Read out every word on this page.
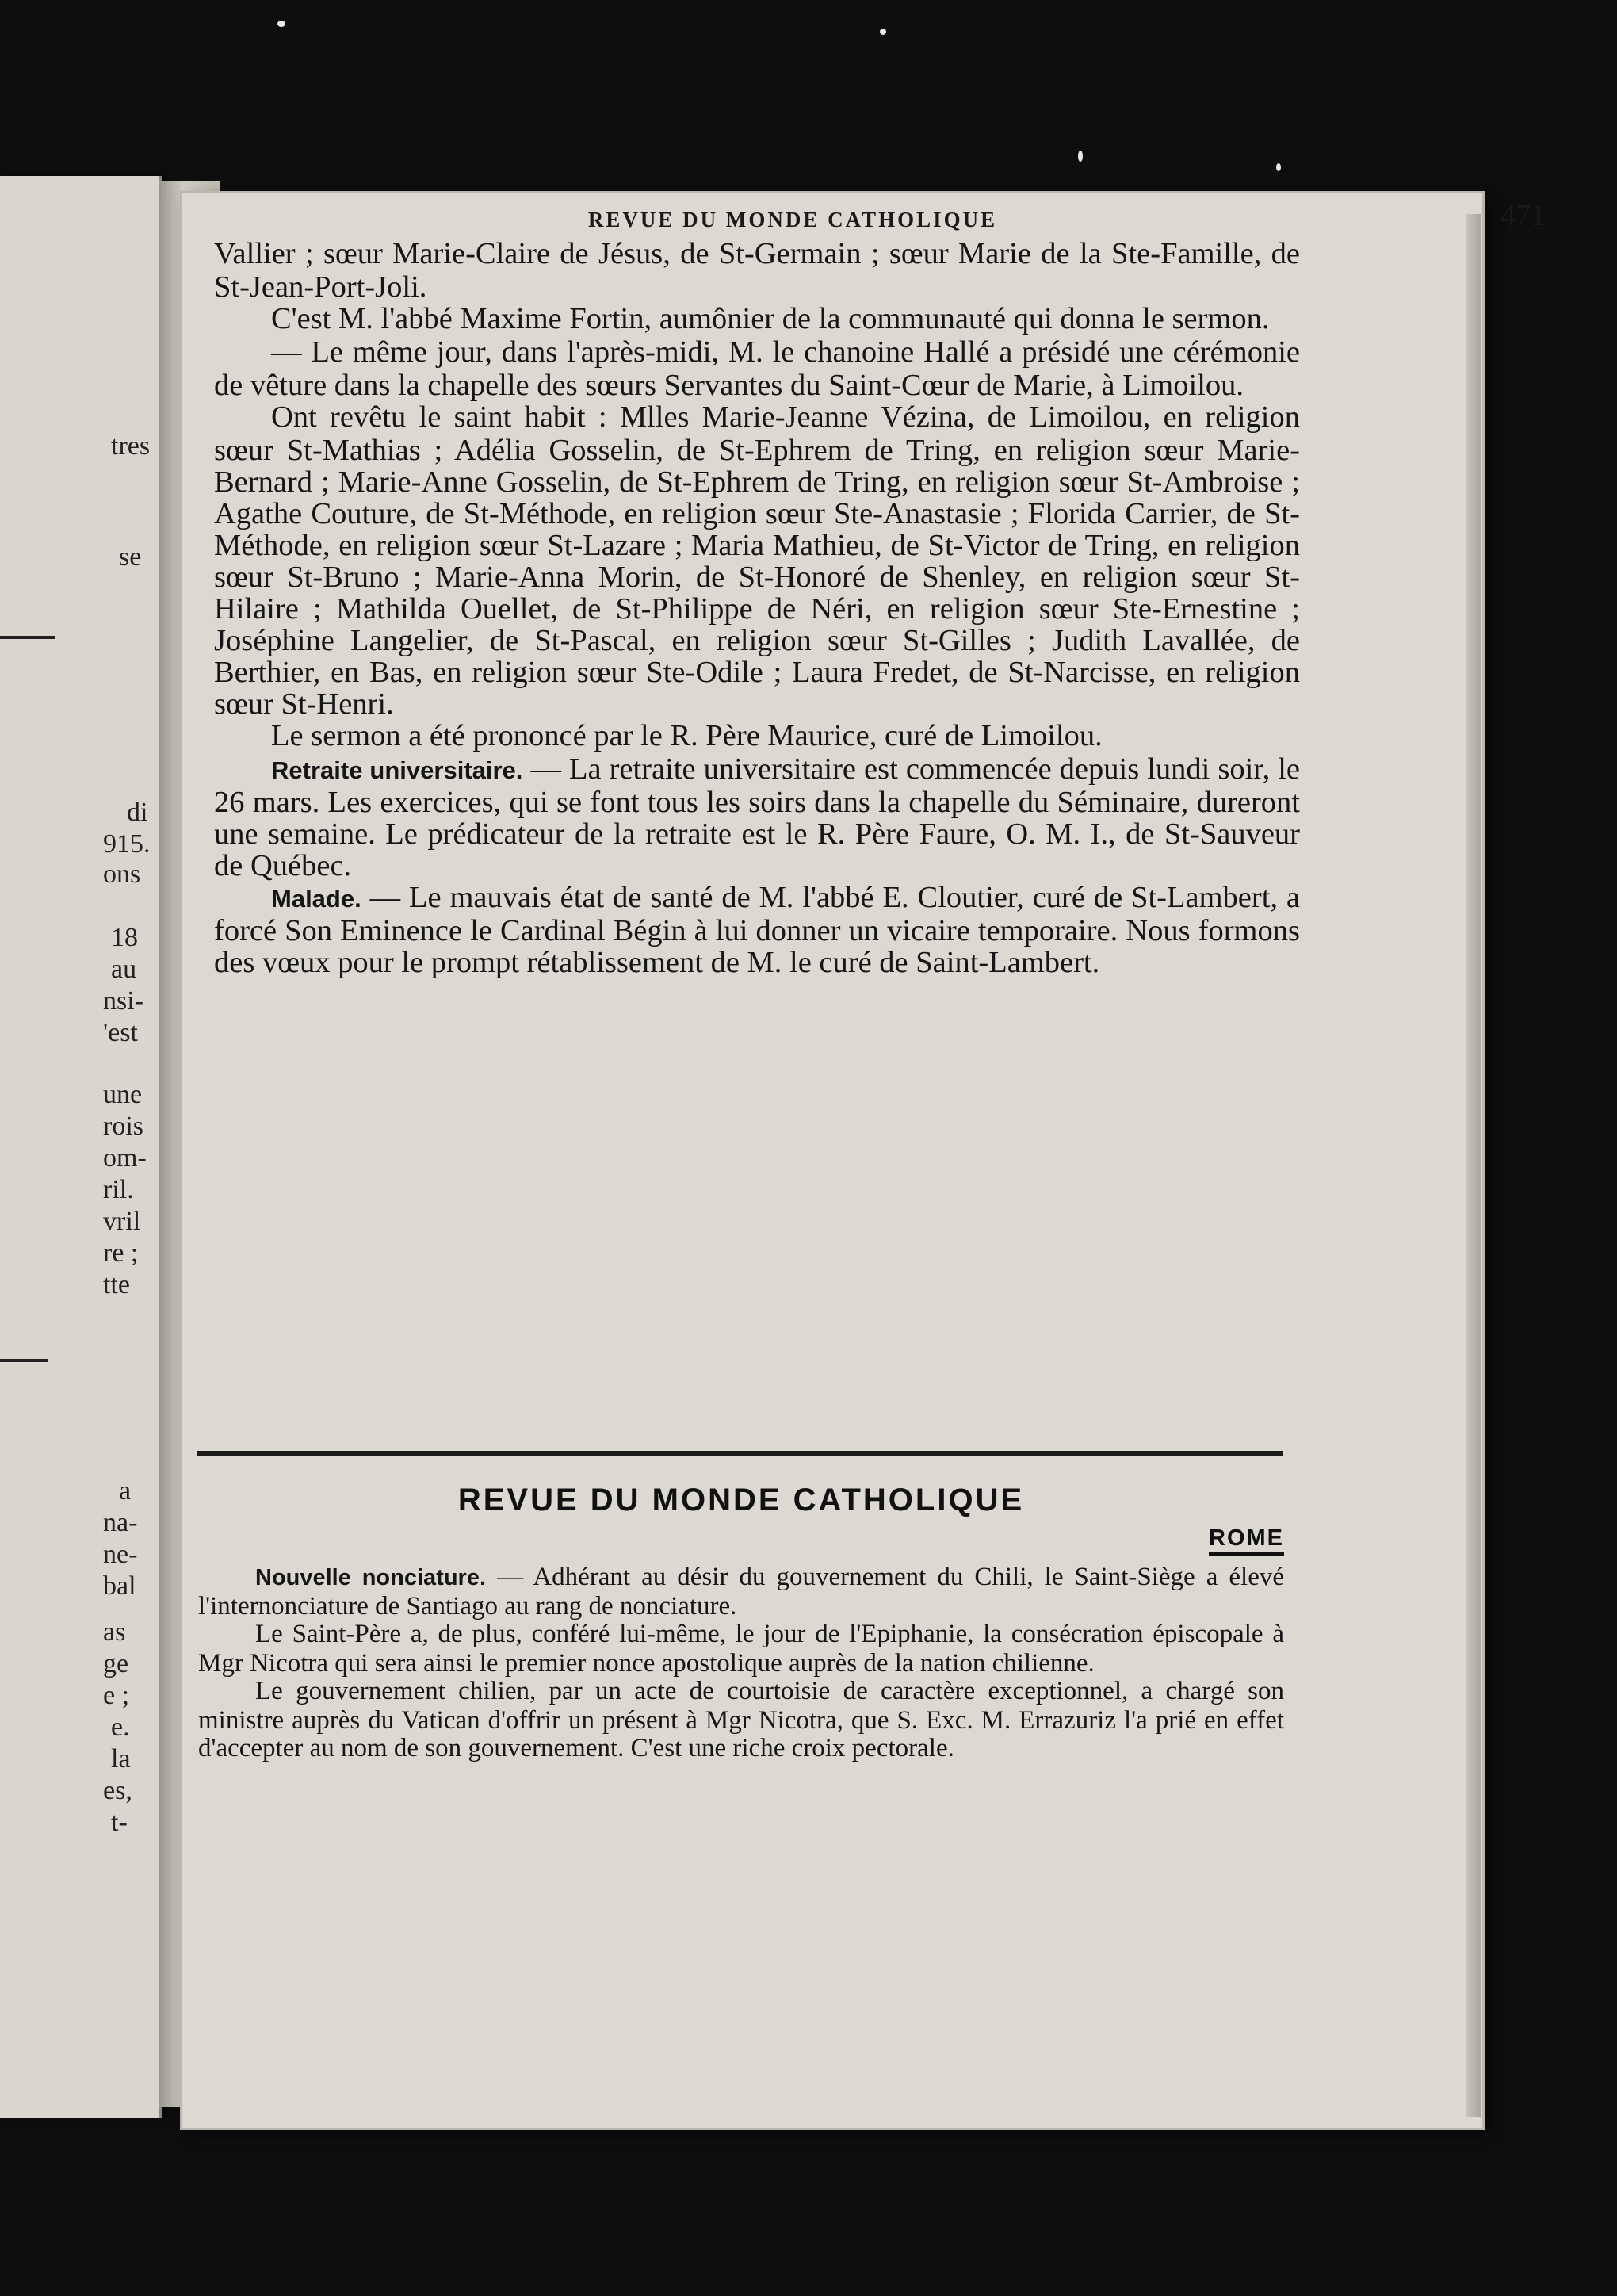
tres
se
di
915.
ons
18
au
nsi-
'est
une
rois
om-
ril.
vril
re ;
tte
a
na-
ne-
bal
as
ge
e ;
e.
la
es,
t-
REVUE DU MONDE CATHOLIQUE	471

Vallier ; sœur Marie-Claire de Jésus, de St-Germain ; sœur Marie de la Ste-Famille, de St-Jean-Port-Joli.

C'est M. l'abbé Maxime Fortin, aumônier de la communauté qui donna le sermon.

— Le même jour, dans l'après-midi, M. le chanoine Hallé a présidé une cérémonie de vêture dans la chapelle des sœurs Servantes du Saint-Cœur de Marie, à Limoilou.

Ont revêtu le saint habit : Mlles Marie-Jeanne Vézina, de Limoilou, en religion sœur St-Mathias ; Adélia Gosselin, de St-Ephrem de Tring, en religion sœur Marie-Bernard ; Marie-Anne Gosselin, de St-Ephrem de Tring, en religion sœur St-Ambroise ; Agathe Couture, de St-Méthode, en religion sœur Ste-Anastasie ; Florida Carrier, de St-Méthode, en religion sœur St-Lazare ; Maria Mathieu, de St-Victor de Tring, en religion sœur St-Bruno ; Marie-Anna Morin, de St-Honoré de Shenley, en religion sœur St-Hilaire ; Mathilda Ouellet, de St-Philippe de Néri, en religion sœur Ste-Ernestine ; Joséphine Langelier, de St-Pascal, en religion sœur St-Gilles ; Judith Lavallée, de Berthier, en Bas, en religion sœur Ste-Odile ; Laura Fredet, de St-Narcisse, en religion sœur St-Henri.

Le sermon a été prononcé par le R. Père Maurice, curé de Limoilou.

Retraite universitaire. — La retraite universitaire est commencée depuis lundi soir, le 26 mars. Les exercices, qui se font tous les soirs dans la chapelle du Séminaire, dureront une semaine. Le prédicateur de la retraite est le R. Père Faure, O. M. I., de St-Sauveur de Québec.

Malade. — Le mauvais état de santé de M. l'abbé E. Cloutier, curé de St-Lambert, a forcé Son Eminence le Cardinal Bégin à lui donner un vicaire temporaire. Nous formons des vœux pour le prompt rétablissement de M. le curé de Saint-Lambert.

REVUE DU MONDE CATHOLIQUE
ROME

Nouvelle nonciature. — Adhérant au désir du gouvernement du Chili, le Saint-Siège a élevé l'internonciature de Santiago au rang de nonciature.

Le Saint-Père a, de plus, conféré lui-même, le jour de l'Epiphanie, la consécration épiscopale à Mgr Nicotra qui sera ainsi le premier nonce apostolique auprès de la nation chilienne.

Le gouvernement chilien, par un acte de courtoisie de caractère exceptionnel, a chargé son ministre auprès du Vatican d'offrir un présent à Mgr Nicotra, que S. Exc. M. Errazuriz l'a prié en effet d'accepter au nom de son gouvernement. C'est une riche croix pectorale.
